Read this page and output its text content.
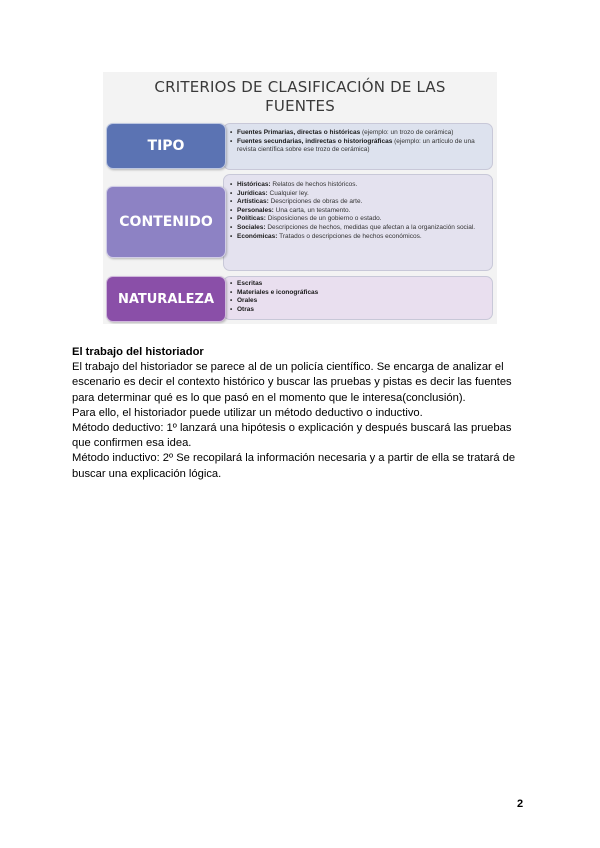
CRITERIOS DE CLASIFICACIÓN DE LAS
FUENTES
• Fuentes Primarias, directas o históricas (ejemplo: un trozo de cerámica)
• Fuentes secundarias, indirectas o historiográficas (ejemplo: un artículo de una revista científica sobre ese trozo de cerámica)
TIPO
• Históricas: Relatos de hechos históricos.
• Jurídicas: Cualquier ley.
• Artísticas: Descripciones de obras de arte.
• Personales: Una carta, un testamento.
• Políticas: Disposiciones de un gobierno o estado.
• Sociales: Descripciones de hechos, medidas que afectan a la organización social.
• Económicas: Tratados o descripciones de hechos económicos.
CONTENIDO
• Escritas
• Materiales e iconográficas
• Orales
• Otras
NATURALEZA

El trabajo del historiador

El trabajo del historiador se parece al de un policía científico. Se encarga de analizar el escenario es decir el contexto histórico y buscar las pruebas y pistas es decir las fuentes para determinar qué es lo que pasó en el momento que le interesa(conclusión).

Para ello, el historiador puede utilizar un método deductivo o inductivo.

Método deductivo: 1º lanzará una hipótesis o explicación y después buscará las pruebas que confirmen esa idea.

Método inductivo: 2º Se recopilará la información necesaria y a partir de ella se tratará de buscar una explicación lógica.

2
